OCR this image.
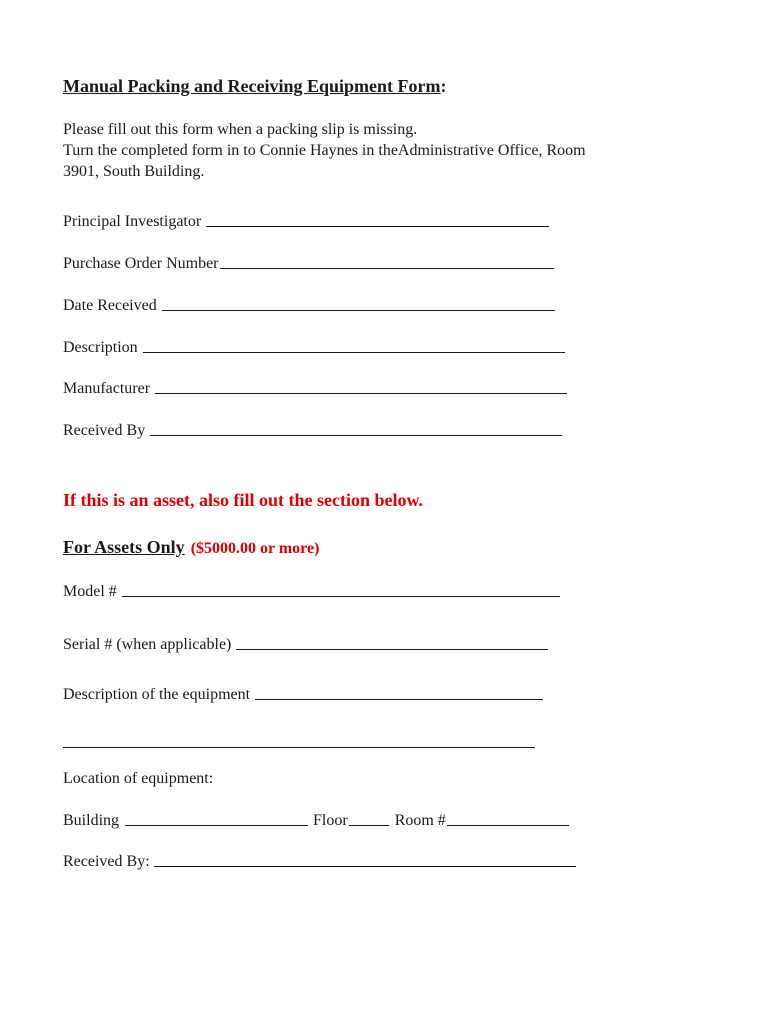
Manual Packing and Receiving Equipment Form:
Please fill out this form when a packing slip is missing.
Turn the completed form in to Connie Haynes in theAdministrative Office, Room
3901, South Building.
Principal Investigator
Purchase Order Number
Date Received
Description
Manufacturer
Received By
If this is an asset, also fill out the section below.
For Assets Only ($5000.00 or more)
Model #
Serial # (when applicable)
Description of the equipment
Location of equipment:
Building	Floor	Room #
Received By:
